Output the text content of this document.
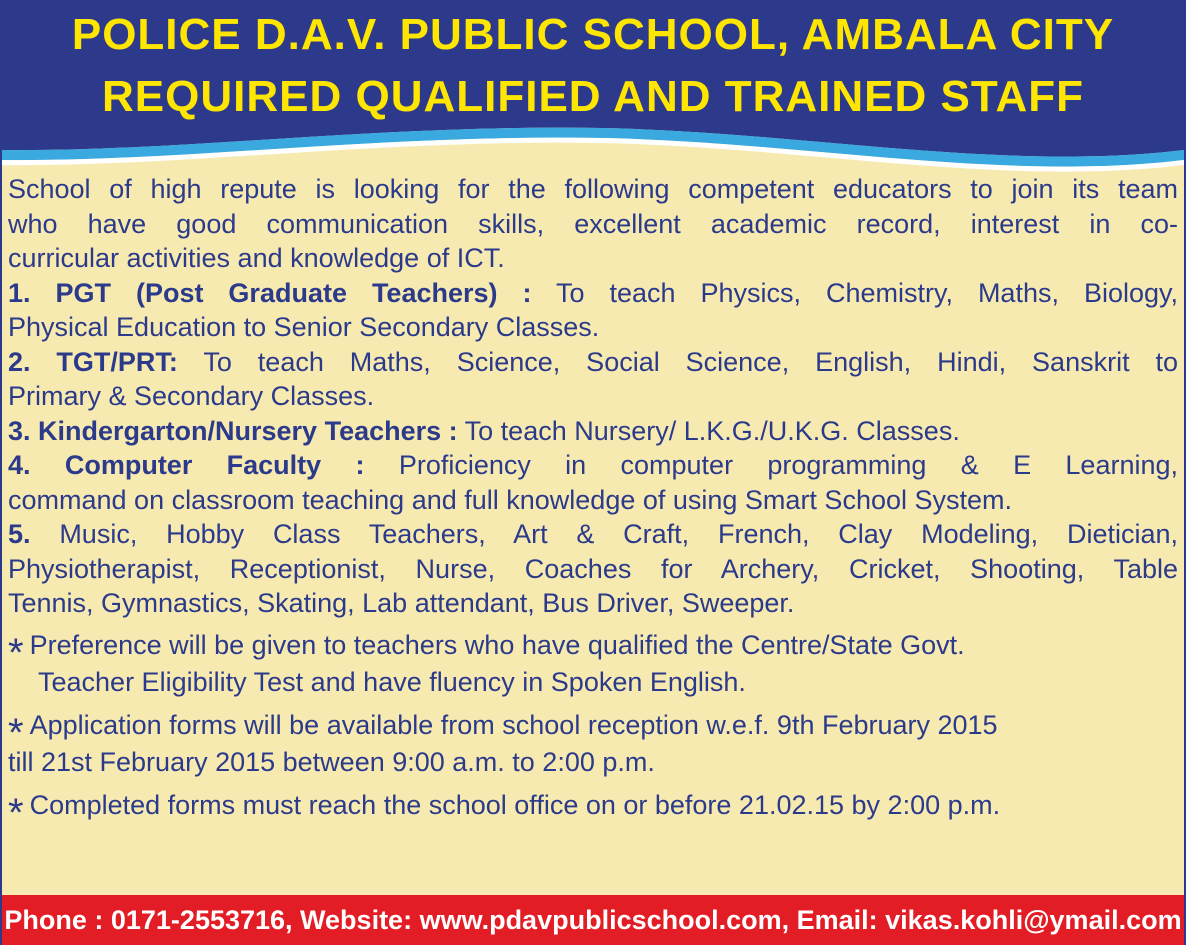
POLICE D.A.V. PUBLIC SCHOOL, AMBALA CITY
REQUIRED QUALIFIED AND TRAINED STAFF

School of high repute is looking for the following competent educators to join its team

who have good communication skills, excellent academic record, interest in co-

curricular activities and knowledge of ICT.

1. PGT (Post Graduate Teachers) : To teach Physics, Chemistry, Maths, Biology,

Physical Education to Senior Secondary Classes.

2. TGT/PRT: To teach Maths, Science, Social Science, English, Hindi, Sanskrit to

Primary & Secondary Classes.

3. Kindergarton/Nursery Teachers : To teach Nursery/ L.K.G./U.K.G. Classes.

4. Computer Faculty : Proficiency in computer programming & E Learning,

command on classroom teaching and full knowledge of using Smart School System.

5. Music, Hobby Class Teachers, Art & Craft, French, Clay Modeling, Dietician,

Physiotherapist, Receptionist, Nurse, Coaches for Archery, Cricket, Shooting, Table

Tennis, Gymnastics, Skating, Lab attendant, Bus Driver, Sweeper.

* Preference will be given to teachers who have qualified the Centre/State Govt.

Teacher Eligibility Test and have fluency in Spoken English.

* Application forms will be available from school reception w.e.f. 9th February 2015

till 21st February 2015 between 9:00 a.m. to 2:00 p.m.

* Completed forms must reach the school office on or before 21.02.15 by 2:00 p.m.

Phone : 0171-2553716, Website: www.pdavpublicschool.com, Email: vikas.kohli@ymail.com
